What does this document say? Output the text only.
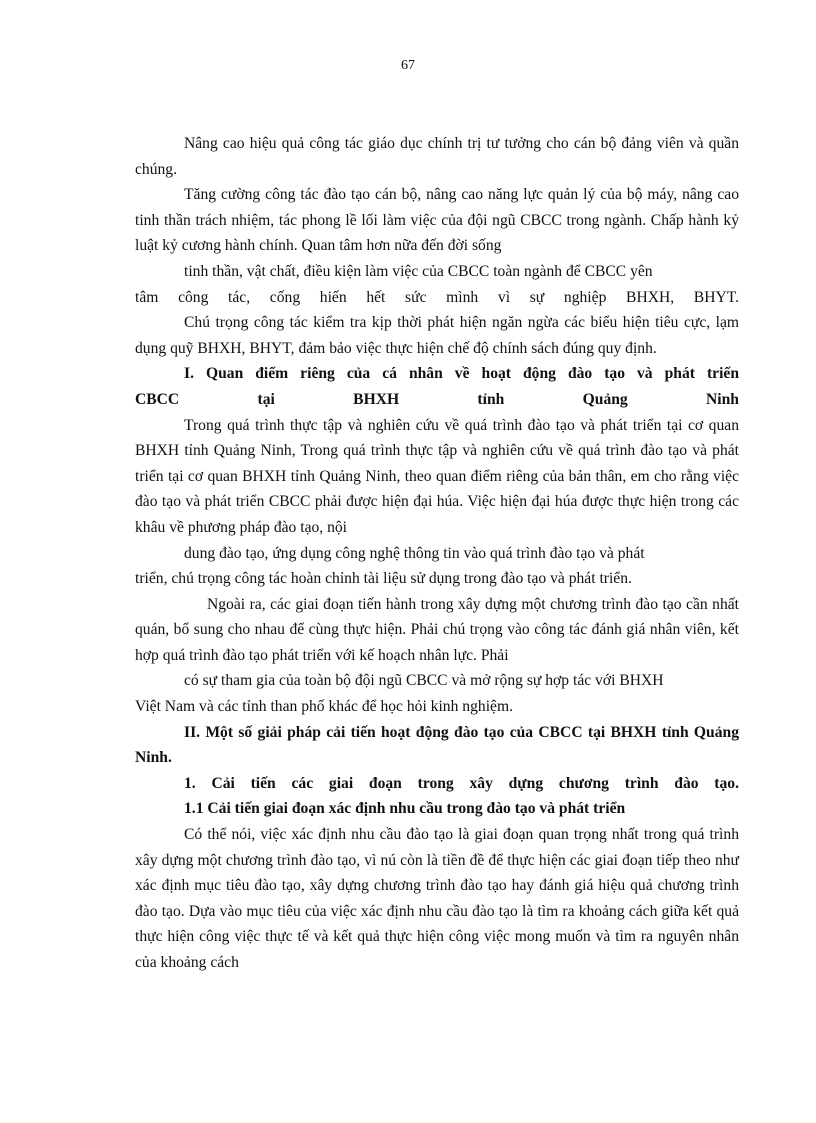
67

Nâng cao hiệu quả công tác giáo dục chính trị tư tưởng cho cán bộ đảng viên và quần chúng.

Tăng cường công tác đào tạo cán bộ, nâng cao năng lực quản lý của bộ máy, nâng cao tinh thần trách nhiệm, tác phong lề lối làm việc của đội ngũ CBCC trong ngành. Chấp hành kỷ luật kỷ cương hành chính. Quan tâm hơn nữa đến đời sống

tinh thần, vật chất, điều kiện làm việc của CBCC toàn ngành để CBCC yên

tâm công tác, cống hiến hết sức mình vì sự nghiệp BHXH, BHYT.

Chú trọng công tác kiểm tra kịp thời phát hiện ngăn ngừa các biểu hiện tiêu cực, lạm dụng quỹ BHXH, BHYT, đảm bảo việc thực hiện chế độ chính sách đúng quy định.

I. Quan điểm riêng của cá nhân về hoạt động đào tạo và phát triển
CBCC tại BHXH tỉnh Quảng Ninh

Trong quá trình thực tập và nghiên cứu về quá trình đào tạo và phát triển tại cơ quan BHXH tỉnh Quảng Ninh, Trong quá trình thực tập và nghiên cứu về quá trình đào tạo và phát triển tại cơ quan BHXH tỉnh Quảng Ninh, theo quan điểm riêng của bản thân, em cho rằng việc đào tạo và phát triển CBCC phải được hiện đại húa. Việc hiện đại húa được thực hiện trong các khâu về phương pháp đào tạo, nội

dung đào tạo, ứng dụng công nghệ thông tin vào quá trình đào tạo và phát

triển, chú trọng công tác hoàn chỉnh tài liệu sử dụng trong đào tạo và phát triển.

Ngoài ra, các giai đoạn tiến hành trong xây dựng một chương trình đào tạo cần nhất quán, bổ sung cho nhau để cùng thực hiện. Phải chú trọng vào công tác đánh giá nhân viên, kết hợp quá trình đào tạo phát triển với kế hoạch nhân lực. Phải

có sự tham gia của toàn bộ đội ngũ CBCC và mở rộng sự hợp tác với BHXH

Việt Nam và các tỉnh than phố khác để học hỏi kinh nghiệm.

II. Một số giải pháp cải tiến hoạt động đào tạo của CBCC tại BHXH tỉnh Quảng Ninh.
1. Cải tiến các giai đoạn trong xây dựng chương trình đào tạo.
1.1 Cải tiến giai đoạn xác định nhu cầu trong đào tạo và phát triển

Có thể nói, việc xác định nhu cầu đào tạo là giai đoạn quan trọng nhất trong quá trình xây dựng một chương trình đào tạo, vì nú còn là tiền đề để thực hiện các giai đoạn tiếp theo như xác định mục tiêu đào tạo, xây dựng chương trình đào tạo hay đánh giá hiệu quả chương trình đào tạo. Dựa vào mục tiêu của việc xác định nhu cầu đào tạo là tìm ra khoảng cách giữa kết quả thực hiện công việc thực tế và kết quả thực hiện công việc mong muốn và tìm ra nguyên nhân của khoảng cách
